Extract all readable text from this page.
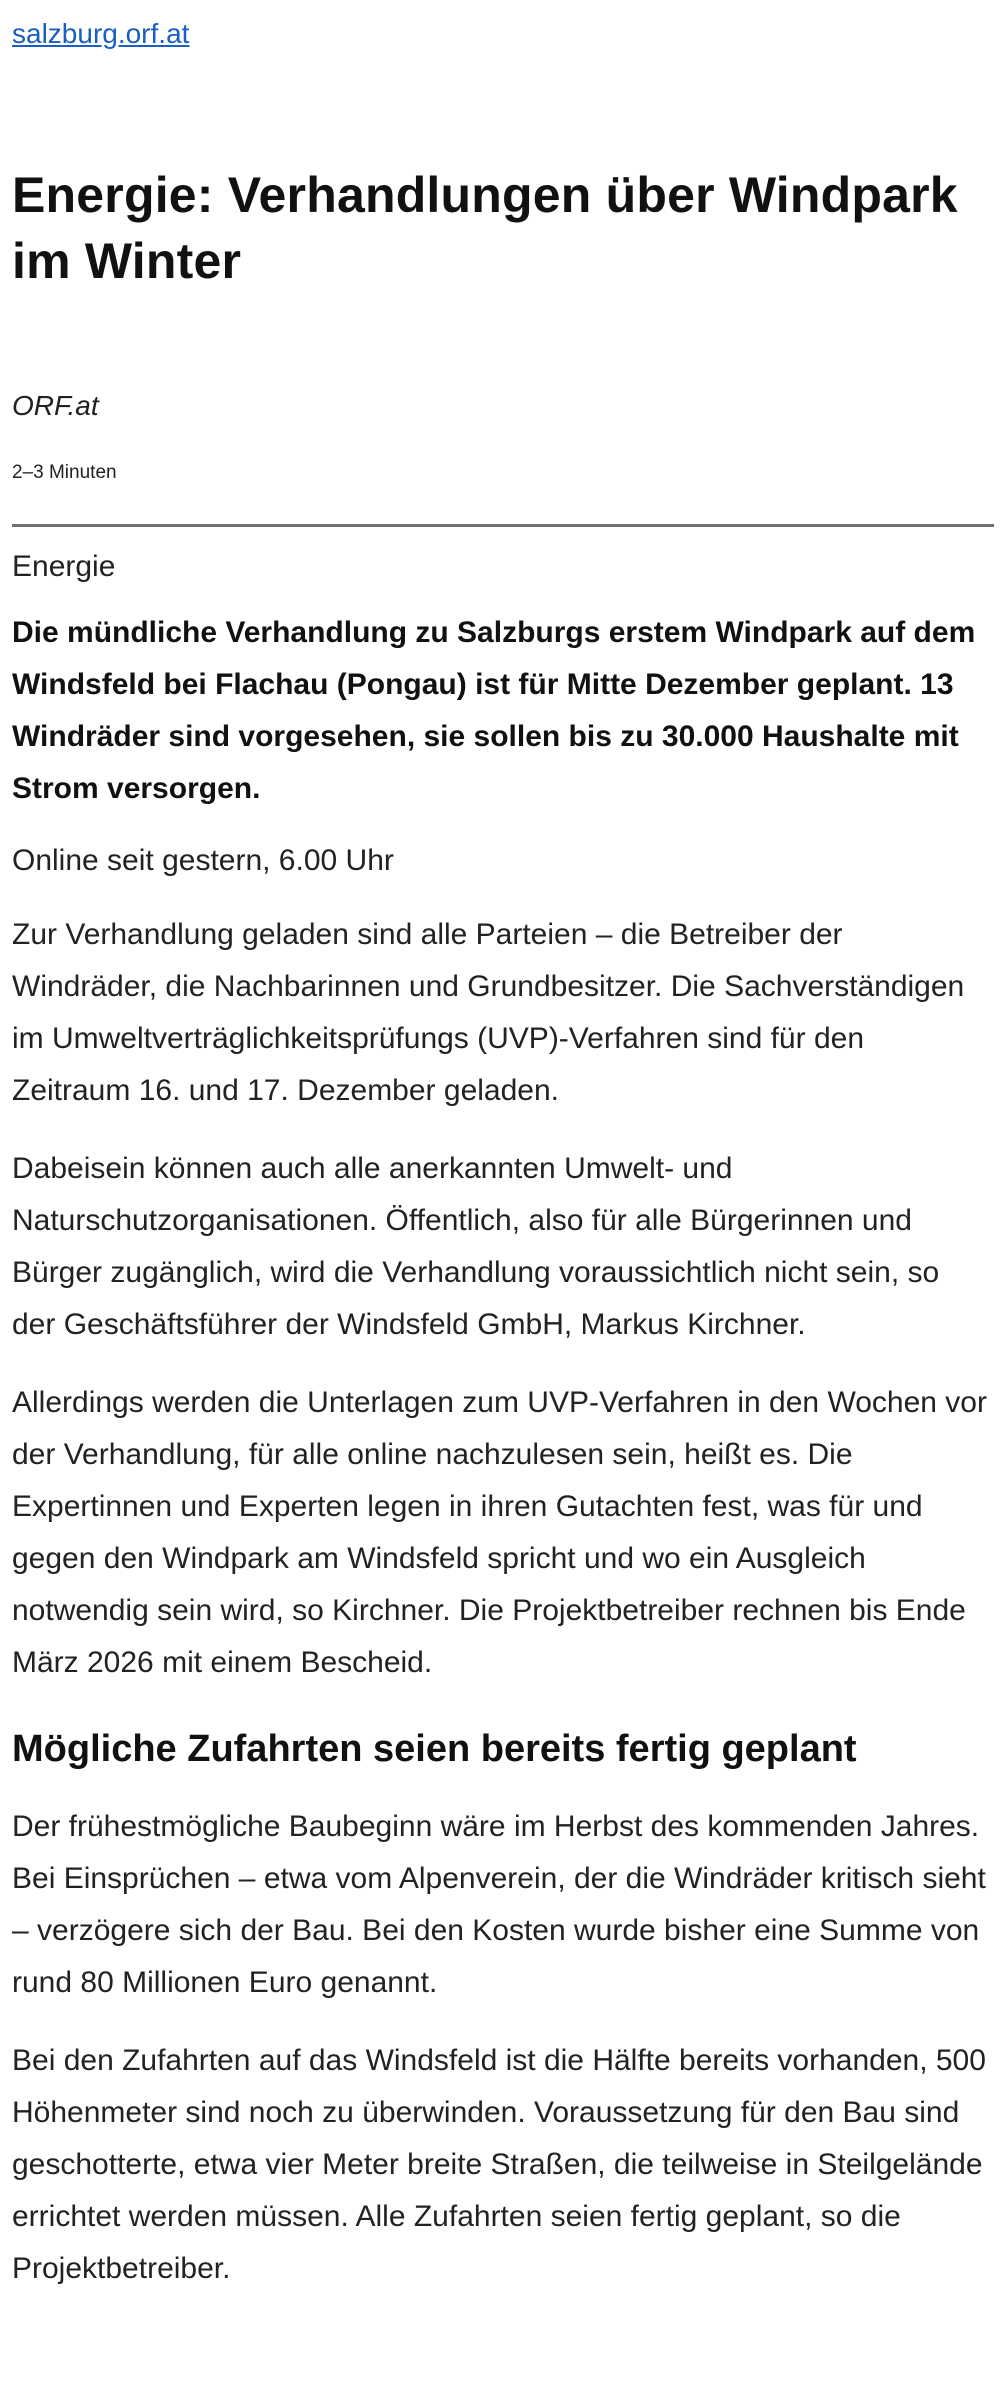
salzburg.orf.at
Energie: Verhandlungen über Windpark im Winter
ORF.at
2–3 Minuten
Energie

Die mündliche Verhandlung zu Salzburgs erstem Windpark auf dem Windsfeld bei Flachau (Pongau) ist für Mitte Dezember geplant. 13 Windräder sind vorgesehen, sie sollen bis zu 30.000 Haushalte mit Strom versorgen.

Online seit gestern, 6.00 Uhr

Zur Verhandlung geladen sind alle Parteien – die Betreiber der Windräder, die Nachbarinnen und Grundbesitzer. Die Sachverständigen im Umweltverträglichkeitsprüfungs (UVP)-Verfahren sind für den Zeitraum 16. und 17. Dezember geladen.

Dabeisein können auch alle anerkannten Umwelt- und Naturschutzorganisationen. Öffentlich, also für alle Bürgerinnen und Bürger zugänglich, wird die Verhandlung voraussichtlich nicht sein, so der Geschäftsführer der Windsfeld GmbH, Markus Kirchner.

Allerdings werden die Unterlagen zum UVP-Verfahren in den Wochen vor der Verhandlung, für alle online nachzulesen sein, heißt es. Die Expertinnen und Experten legen in ihren Gutachten fest, was für und gegen den Windpark am Windsfeld spricht und wo ein Ausgleich notwendig sein wird, so Kirchner. Die Projektbetreiber rechnen bis Ende März 2026 mit einem Bescheid.

Mögliche Zufahrten seien bereits fertig geplant

Der frühestmögliche Baubeginn wäre im Herbst des kommenden Jahres. Bei Einsprüchen – etwa vom Alpenverein, der die Windräder kritisch sieht – verzögere sich der Bau. Bei den Kosten wurde bisher eine Summe von rund 80 Millionen Euro genannt.

Bei den Zufahrten auf das Windsfeld ist die Hälfte bereits vorhanden, 500 Höhenmeter sind noch zu überwinden. Voraussetzung für den Bau sind geschotterte, etwa vier Meter breite Straßen, die teilweise in Steilgelände errichtet werden müssen. Alle Zufahrten seien fertig geplant, so die Projektbetreiber.
